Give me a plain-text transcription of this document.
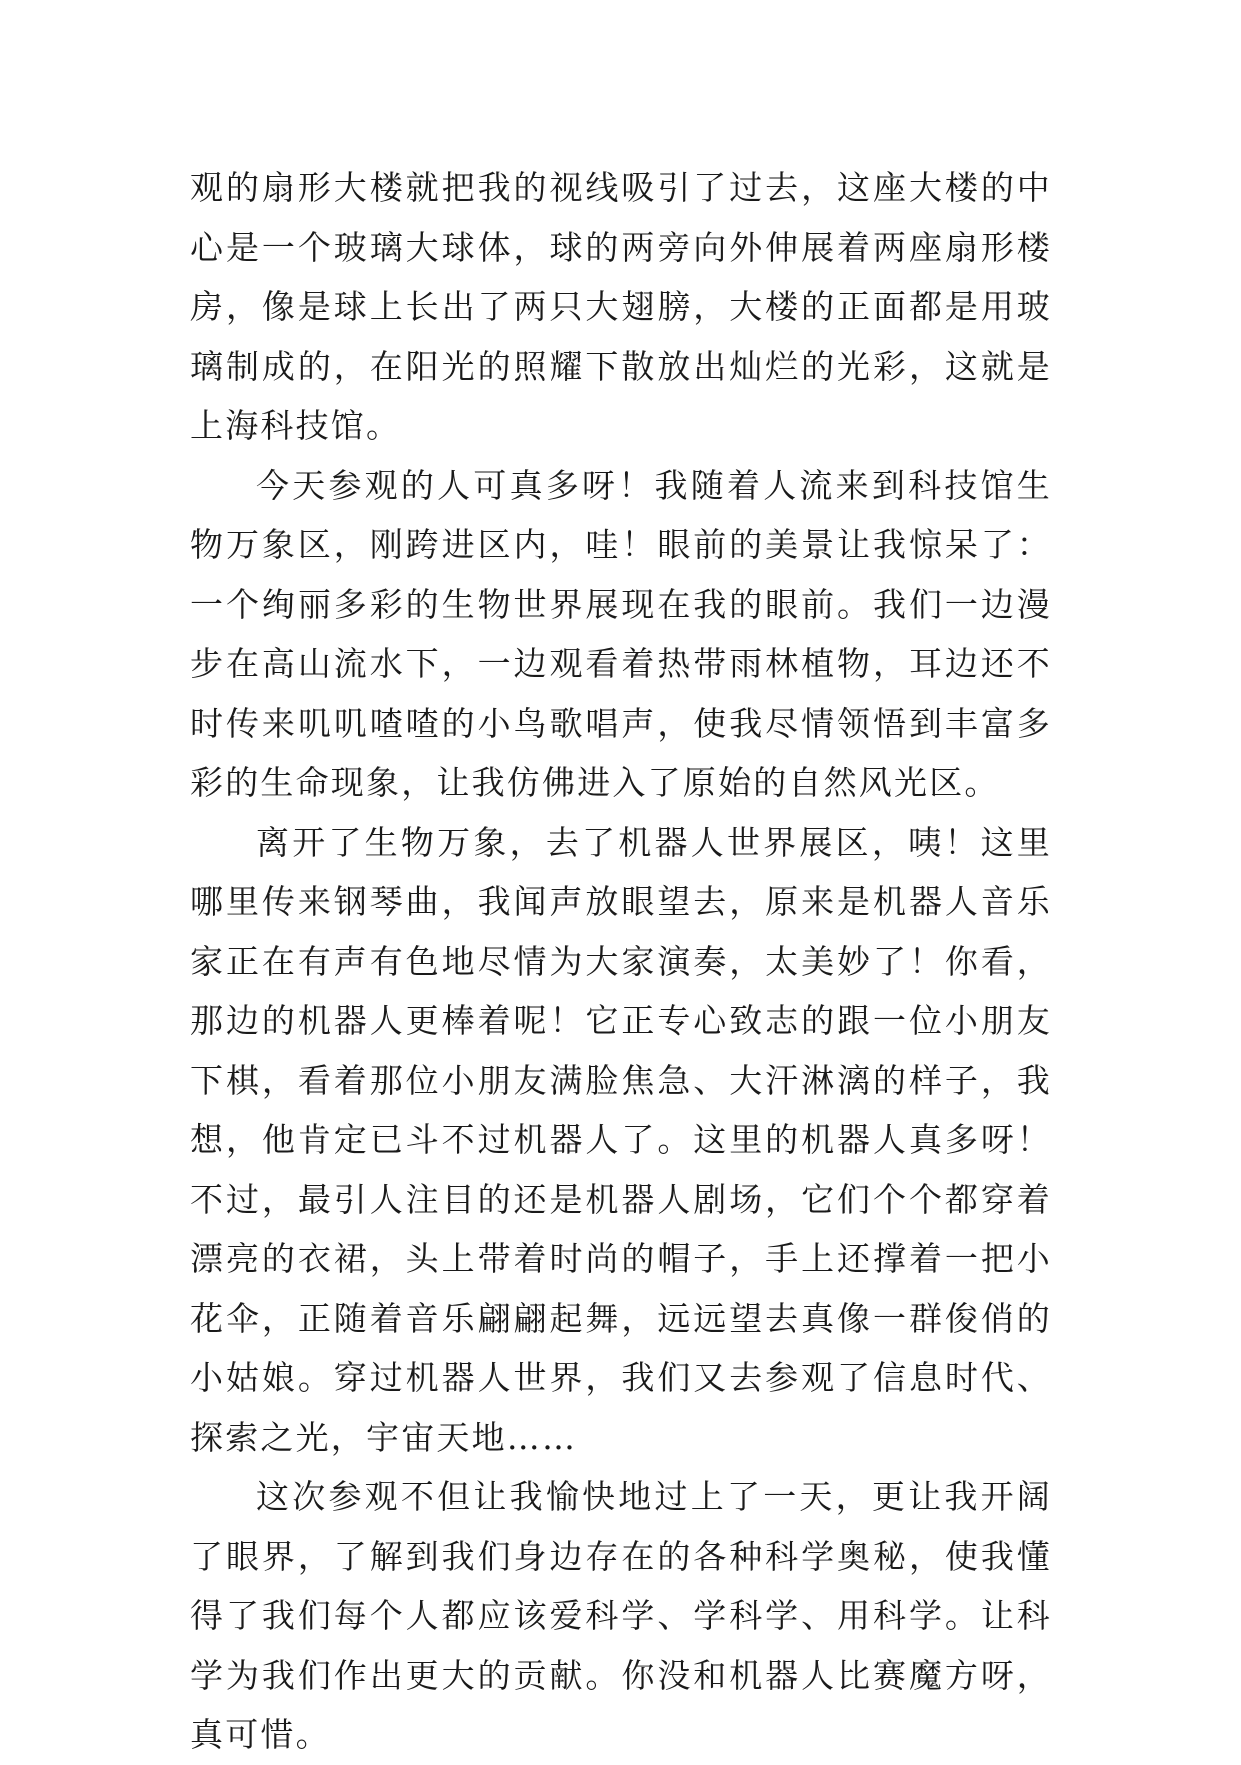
观的扇形大楼就把我的视线吸引了过去，这座大楼的中心是一个玻璃大球体，球的两旁向外伸展着两座扇形楼房，像是球上长出了两只大翅膀，大楼的正面都是用玻璃制成的，在阳光的照耀下散放出灿烂的光彩，这就是上海科技馆。

今天参观的人可真多呀！我随着人流来到科技馆生物万象区，刚跨进区内，哇！眼前的美景让我惊呆了：一个绚丽多彩的生物世界展现在我的眼前。我们一边漫步在高山流水下，一边观看着热带雨林植物，耳边还不时传来叽叽喳喳的小鸟歌唱声，使我尽情领悟到丰富多彩的生命现象，让我仿佛进入了原始的自然风光区。

离开了生物万象，去了机器人世界展区，咦！这里哪里传来钢琴曲，我闻声放眼望去，原来是机器人音乐家正在有声有色地尽情为大家演奏，太美妙了！你看，那边的机器人更棒着呢！它正专心致志的跟一位小朋友下棋，看着那位小朋友满脸焦急、大汗淋漓的样子，我想，他肯定已斗不过机器人了。这里的机器人真多呀！不过，最引人注目的还是机器人剧场，它们个个都穿着漂亮的衣裙，头上带着时尚的帽子，手上还撑着一把小花伞，正随着音乐翩翩起舞，远远望去真像一群俊俏的小姑娘。穿过机器人世界，我们又去参观了信息时代、探索之光，宇宙天地……

这次参观不但让我愉快地过上了一天，更让我开阔了眼界，了解到我们身边存在的各种科学奥秘，使我懂得了我们每个人都应该爱科学、学科学、用科学。让科学为我们作出更大的贡献。你没和机器人比赛魔方呀，真可惜。
